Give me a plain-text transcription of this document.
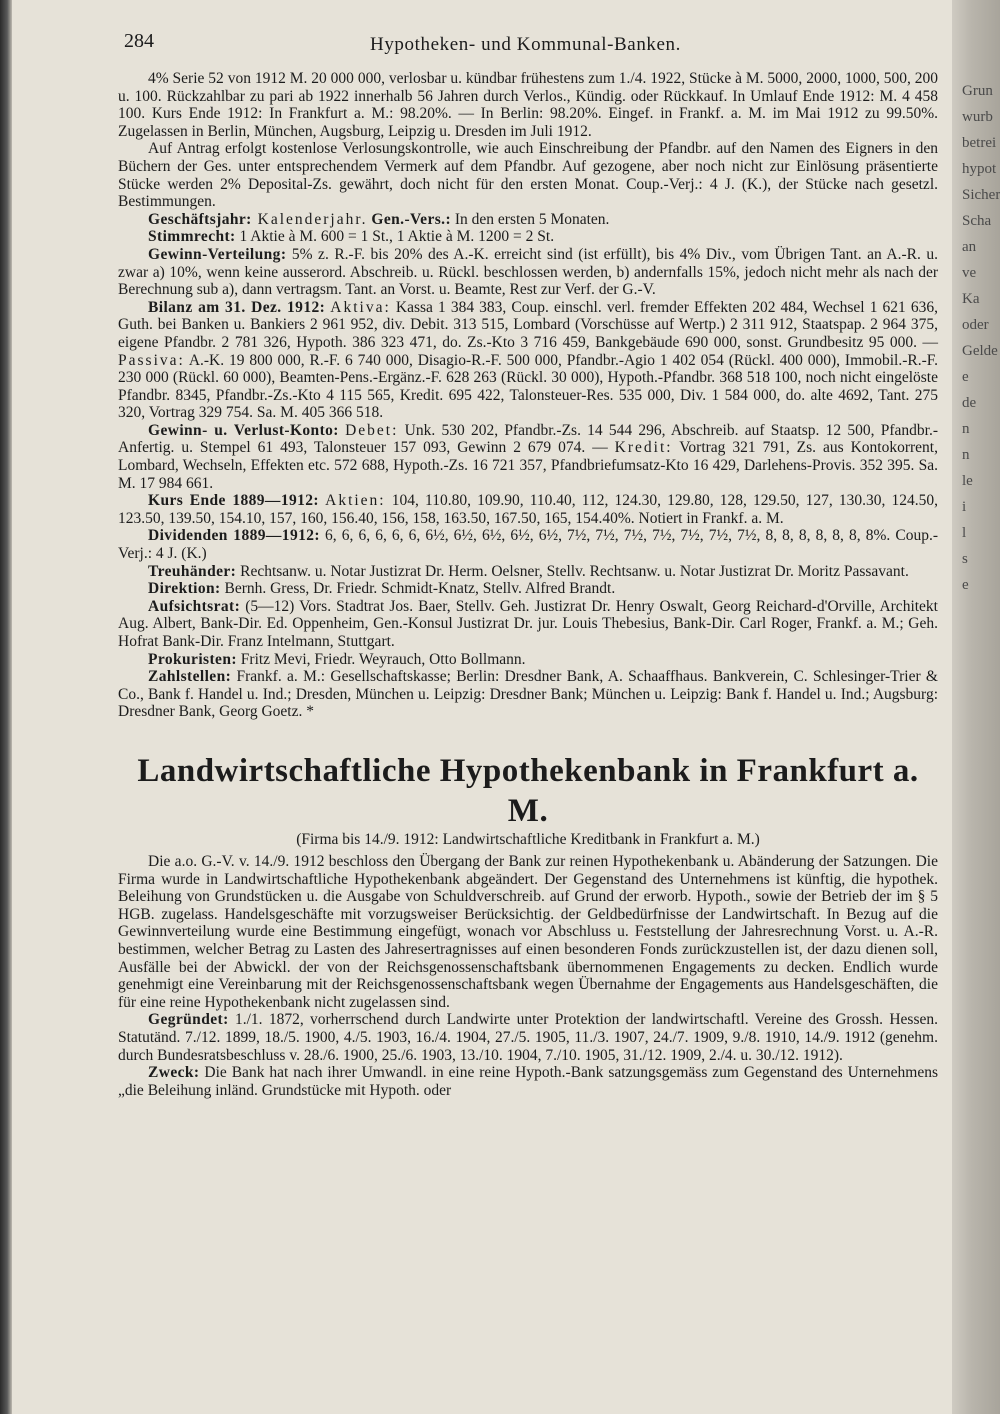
Grun
wurb
betrei
hypot
Sicher
Scha
an
ve
Ka
oder
Gelde
e
de
n
n
le
i
l
s
e
284	Hypotheken- und Kommunal-Banken.

4% Serie 52 von 1912 M. 20 000 000, verlosbar u. kündbar frühestens zum 1./4. 1922, Stücke à M. 5000, 2000, 1000, 500, 200 u. 100. Rückzahlbar zu pari ab 1922 innerhalb 56 Jahren durch Verlos., Kündig. oder Rückkauf. In Umlauf Ende 1912: M. 4 458 100. Kurs Ende 1912: In Frankfurt a. M.: 98.20%. — In Berlin: 98.20%. Eingef. in Frankf. a. M. im Mai 1912 zu 99.50%. Zugelassen in Berlin, München, Augsburg, Leipzig u. Dresden im Juli 1912.

Auf Antrag erfolgt kostenlose Verlosungskontrolle, wie auch Einschreibung der Pfandbr. auf den Namen des Eigners in den Büchern der Ges. unter entsprechendem Vermerk auf dem Pfandbr. Auf gezogene, aber noch nicht zur Einlösung präsentierte Stücke werden 2% Deposital-Zs. gewährt, doch nicht für den ersten Monat. Coup.-Verj.: 4 J. (K.), der Stücke nach gesetzl. Bestimmungen.

Geschäftsjahr: Kalenderjahr. Gen.-Vers.: In den ersten 5 Monaten.

Stimmrecht: 1 Aktie à M. 600 = 1 St., 1 Aktie à M. 1200 = 2 St.

Gewinn-Verteilung: 5% z. R.-F. bis 20% des A.-K. erreicht sind (ist erfüllt), bis 4% Div., vom Übrigen Tant. an A.-R. u. zwar a) 10%, wenn keine ausserord. Abschreib. u. Rückl. beschlossen werden, b) andernfalls 15%, jedoch nicht mehr als nach der Berechnung sub a), dann vertragsm. Tant. an Vorst. u. Beamte, Rest zur Verf. der G.-V.

Bilanz am 31. Dez. 1912: Aktiva: Kassa 1 384 383, Coup. einschl. verl. fremder Effekten 202 484, Wechsel 1 621 636, Guth. bei Banken u. Bankiers 2 961 952, div. Debit. 313 515, Lombard (Vorschüsse auf Wertp.) 2 311 912, Staatspap. 2 964 375, eigene Pfandbr. 2 781 326, Hypoth. 386 323 471, do. Zs.-Kto 3 716 459, Bankgebäude 690 000, sonst. Grundbesitz 95 000. — Passiva: A.-K. 19 800 000, R.-F. 6 740 000, Disagio-R.-F. 500 000, Pfandbr.-Agio 1 402 054 (Rückl. 400 000), Immobil.-R.-F. 230 000 (Rückl. 60 000), Beamten-Pens.-Ergänz.-F. 628 263 (Rückl. 30 000), Hypoth.-Pfandbr. 368 518 100, noch nicht eingelöste Pfandbr. 8345, Pfandbr.-Zs.-Kto 4 115 565, Kredit. 695 422, Talonsteuer-Res. 535 000, Div. 1 584 000, do. alte 4692, Tant. 275 320, Vortrag 329 754. Sa. M. 405 366 518.

Gewinn- u. Verlust-Konto: Debet: Unk. 530 202, Pfandbr.-Zs. 14 544 296, Abschreib. auf Staatsp. 12 500, Pfandbr.-Anfertig. u. Stempel 61 493, Talonsteuer 157 093, Gewinn 2 679 074. — Kredit: Vortrag 321 791, Zs. aus Kontokorrent, Lombard, Wechseln, Effekten etc. 572 688, Hypoth.-Zs. 16 721 357, Pfandbriefumsatz-Kto 16 429, Darlehens-Provis. 352 395. Sa. M. 17 984 661.

Kurs Ende 1889—1912: Aktien: 104, 110.80, 109.90, 110.40, 112, 124.30, 129.80, 128, 129.50, 127, 130.30, 124.50, 123.50, 139.50, 154.10, 157, 160, 156.40, 156, 158, 163.50, 167.50, 165, 154.40%. Notiert in Frankf. a. M.

Dividenden 1889—1912: 6, 6, 6, 6, 6, 6, 6½, 6½, 6½, 6½, 6½, 7½, 7½, 7½, 7½, 7½, 7½, 7½, 8, 8, 8, 8, 8, 8, 8%. Coup.-Verj.: 4 J. (K.)

Treuhänder: Rechtsanw. u. Notar Justizrat Dr. Herm. Oelsner, Stellv. Rechtsanw. u. Notar Justizrat Dr. Moritz Passavant.

Direktion: Bernh. Gress, Dr. Friedr. Schmidt-Knatz, Stellv. Alfred Brandt.

Aufsichtsrat: (5—12) Vors. Stadtrat Jos. Baer, Stellv. Geh. Justizrat Dr. Henry Oswalt, Georg Reichard-d'Orville, Architekt Aug. Albert, Bank-Dir. Ed. Oppenheim, Gen.-Konsul Justizrat Dr. jur. Louis Thebesius, Bank-Dir. Carl Roger, Frankf. a. M.; Geh. Hofrat Bank-Dir. Franz Intelmann, Stuttgart.

Prokuristen: Fritz Mevi, Friedr. Weyrauch, Otto Bollmann.

Zahlstellen: Frankf. a. M.: Gesellschaftskasse; Berlin: Dresdner Bank, A. Schaaffhaus. Bankverein, C. Schlesinger-Trier & Co., Bank f. Handel u. Ind.; Dresden, München u. Leipzig: Dresdner Bank; München u. Leipzig: Bank f. Handel u. Ind.; Augsburg: Dresdner Bank, Georg Goetz. *

Landwirtschaftliche Hypothekenbank in Frankfurt a. M.
(Firma bis 14./9. 1912: Landwirtschaftliche Kreditbank in Frankfurt a. M.)

Die a.o. G.-V. v. 14./9. 1912 beschloss den Übergang der Bank zur reinen Hypothekenbank u. Abänderung der Satzungen. Die Firma wurde in Landwirtschaftliche Hypothekenbank abgeändert. Der Gegenstand des Unternehmens ist künftig, die hypothek. Beleihung von Grundstücken u. die Ausgabe von Schuldverschreib. auf Grund der erworb. Hypoth., sowie der Betrieb der im § 5 HGB. zugelass. Handelsgeschäfte mit vorzugsweiser Berücksichtig. der Geldbedürfnisse der Landwirtschaft. In Bezug auf die Gewinnverteilung wurde eine Bestimmung eingefügt, wonach vor Abschluss u. Feststellung der Jahresrechnung Vorst. u. A.-R. bestimmen, welcher Betrag zu Lasten des Jahresertragnisses auf einen besonderen Fonds zurückzustellen ist, der dazu dienen soll, Ausfälle bei der Abwickl. der von der Reichsgenossenschaftsbank übernommenen Engagements zu decken. Endlich wurde genehmigt eine Vereinbarung mit der Reichsgenossenschaftsbank wegen Übernahme der Engagements aus Handelsgeschäften, die für eine reine Hypothekenbank nicht zugelassen sind.

Gegründet: 1./1. 1872, vorherrschend durch Landwirte unter Protektion der landwirtschaftl. Vereine des Grossh. Hessen. Statutänd. 7./12. 1899, 18./5. 1900, 4./5. 1903, 16./4. 1904, 27./5. 1905, 11./3. 1907, 24./7. 1909, 9./8. 1910, 14./9. 1912 (genehm. durch Bundesratsbeschluss v. 28./6. 1900, 25./6. 1903, 13./10. 1904, 7./10. 1905, 31./12. 1909, 2./4. u. 30./12. 1912).

Zweck: Die Bank hat nach ihrer Umwandl. in eine reine Hypoth.-Bank satzungsgemäss zum Gegenstand des Unternehmens „die Beleihung inländ. Grundstücke mit Hypoth. oder
